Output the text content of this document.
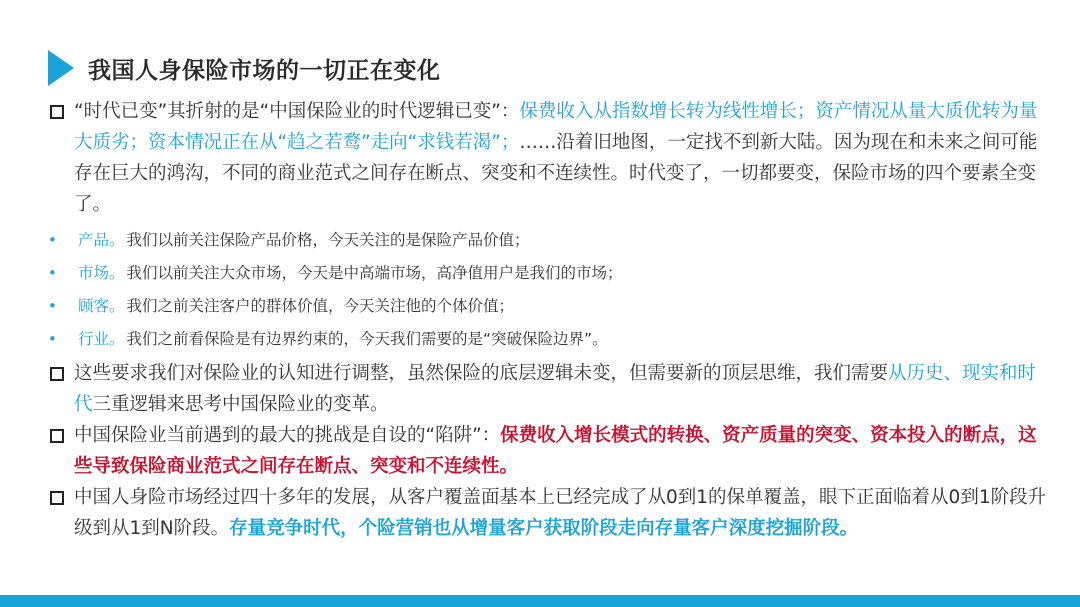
我国人身保险市场的一切正在变化
“时代已变”其折射的是“中国保险业的时代逻辑已变”：保费收入从指数增长转为线性增长；资产情况从量大质优转为量大质劣；资本情况正在从“趋之若鹜”走向“求钱若渴”；……沿着旧地图，一定找不到新大陆。因为现在和未来之间可能存在巨大的鸿沟，不同的商业范式之间存在断点、突变和不连续性。时代变了，一切都要变，保险市场的四个要素全变了。
• 产品。 我们以前关注保险产品价格，今天关注的是保险产品价值；
• 市场。 我们以前关注大众市场，今天是中高端市场，高净值用户是我们的市场；
• 顾客。 我们之前关注客户的群体价值，今天关注他的个体价值；
• 行业。 我们之前看保险是有边界约束的，今天我们需要的是“突破保险边界”。
这些要求我们对保险业的认知进行调整，虽然保险的底层逻辑未变，但需要新的顶层思维，我们需要从历史、现实和时代三重逻辑来思考中国保险业的变革。
中国保险业当前遇到的最大的挑战是自设的“陷阱”：保费收入增长模式的转换、资产质量的突变、资本投入的断点，这些导致保险商业范式之间存在断点、突变和不连续性。
中国人身险市场经过四十多年的发展，从客户覆盖面基本上已经完成了从0到1的保单覆盖，眼下正面临着从0到1阶段升级到从1到N阶段。存量竞争时代，个险营销也从增量客户获取阶段走向存量客户深度挖掘阶段。
